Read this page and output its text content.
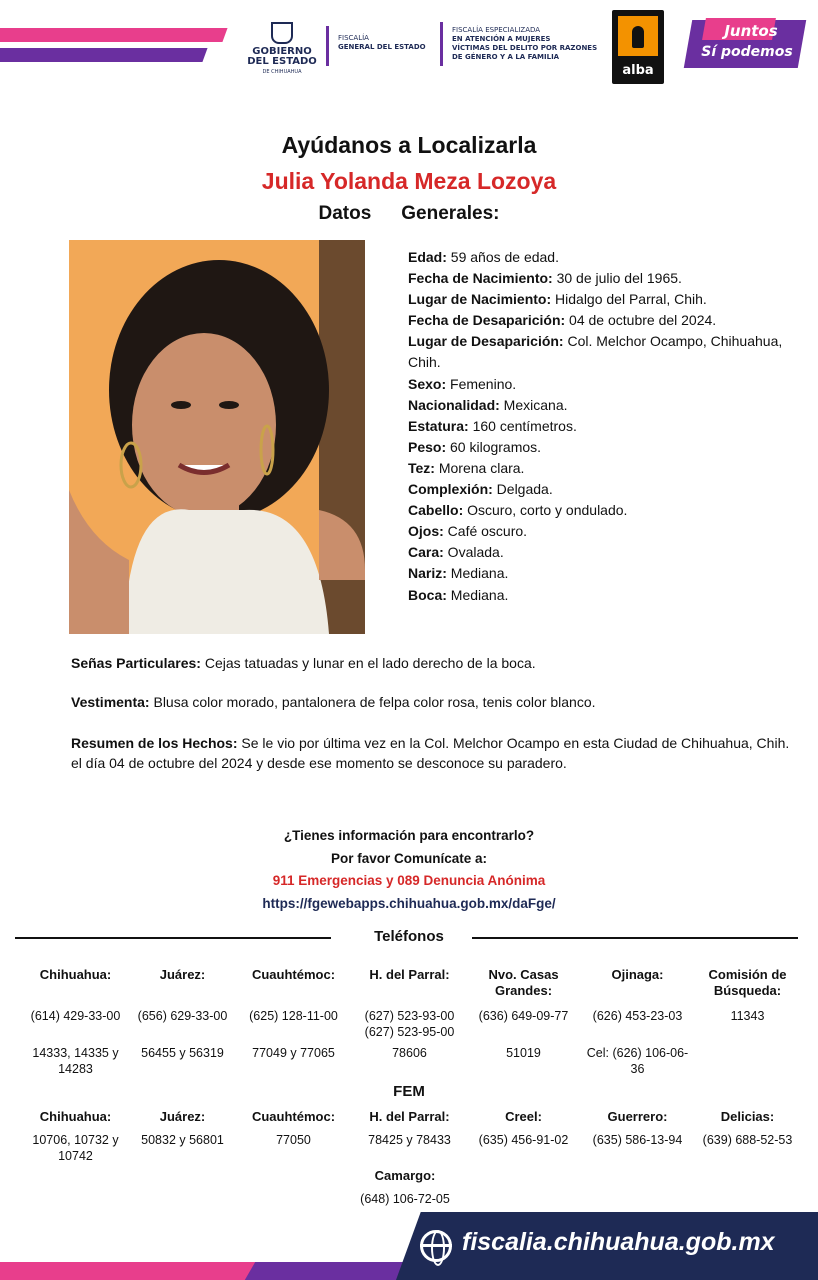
GOBIERNO
DEL ESTADO
DE CHIHUAHUA
FISCALÍA
GENERAL DEL ESTADO
FISCALÍA ESPECIALIZADA
EN ATENCIÓN A MUJERES
VÍCTIMAS DEL DELITO POR RAZONES
DE GÉNERO Y A LA FAMILIA
alba
Juntos
Sí podemos
Ayúdanos a Localizarla
Julia Yolanda Meza Lozoya
Datos Generales:
Edad: 59 años de edad.
Fecha de Nacimiento: 30 de julio del 1965.
Lugar de Nacimiento: Hidalgo del Parral, Chih.
Fecha de Desaparición: 04 de octubre del 2024.
Lugar de Desaparición: Col. Melchor Ocampo, Chihuahua, Chih.
Sexo: Femenino.
Nacionalidad: Mexicana.
Estatura: 160 centímetros.
Peso: 60 kilogramos.
Tez: Morena clara.
Complexión: Delgada.
Cabello: Oscuro, corto y ondulado.
Ojos: Café oscuro.
Cara: Ovalada.
Nariz: Mediana.
Boca: Mediana.
Señas Particulares: Cejas tatuadas y lunar en el lado derecho de la boca.
Vestimenta: Blusa color morado, pantalonera de felpa color rosa, tenis color blanco.
Resumen de los Hechos: Se le vio por última vez en la Col. Melchor Ocampo en esta Ciudad de Chihuahua, Chih. el día 04 de octubre del 2024 y desde ese momento se desconoce su paradero.
¿Tienes información para encontrarlo?
Por favor Comunícate a:
911 Emergencias y 089 Denuncia Anónima
https://fgewebapps.chihuahua.gob.mx/daFge/
Teléfonos
Chihuahua:
(614) 429-33-00
14333, 14335 y 14283
Juárez:
(656) 629-33-00
56455 y 56319
Cuauhtémoc:
(625) 128-11-00
77049 y 77065
H. del Parral:
(627) 523-93-00 (627) 523-95-00
78606
Nvo. Casas Grandes:
(636) 649-09-77
51019
Ojinaga:
(626) 453-23-03
Cel: (626) 106-06-36
Comisión de Búsqueda:
11343
FEM
Chihuahua:
10706, 10732 y 10742
Juárez:
50832 y 56801
Cuauhtémoc:
77050
H. del Parral:
78425 y 78433
Creel:
(635) 456-91-02
Guerrero:
(635) 586-13-94
Delicias:
(639) 688-52-53
Camargo:
(648) 106-72-05
fiscalia.chihuahua.gob.mx
